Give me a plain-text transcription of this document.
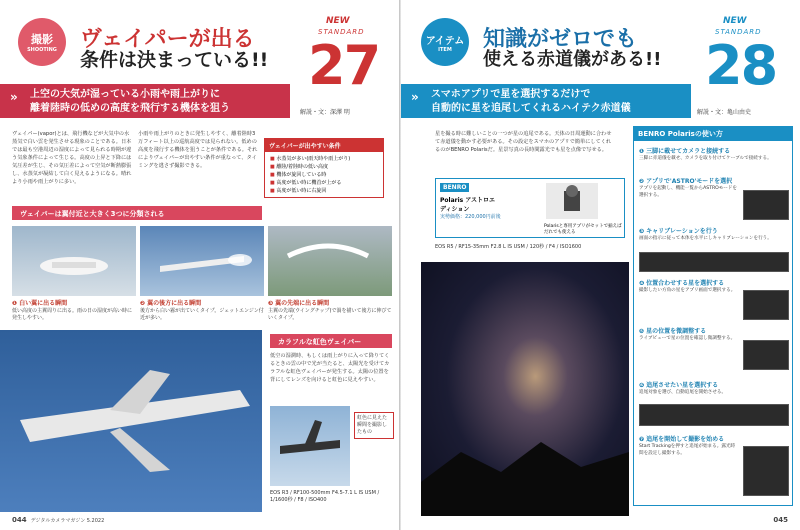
撮影
SHOOTING ヴェイパーが出る
条件は決まっている!!
NEW
STANDARD
27
解説・文：深澤 明
» 上空の大気が湿っている小雨や雨上がりに
離着陸時の低めの高度を飛行する機体を狙う
ヴェイパー(vapor)とは、飛行機などが大気中の水蒸気で白い雲を発生させる現象のことである。日本では最も空港周辺の湿度によって見られる時期が違う気象条件によって生じる。高度の上昇と下降には気圧差が生じ、その気圧差によって空気が断熱膨張し、水蒸気が凝結して白く見えるようになる。晴れより小雨や雨上がりに多い。
小雨や雨上がりのときに発生しやすく、離着陸時3万フィート以上の巡航高度では見られない。低めの高度を飛行する機体を狙うことが条件である。それによりヴェイパーが出やすい条件が重なって、タイミングを逃さず撮影できる。
ヴェイパーが出やすい条件
■ 水蒸気が多い(雨天時や雨上がり)
■ 離陸/着陸時の低い高度
■ 機体が旋回している時
■ 高度が低い時に機首が上がる
■ 高度が低い時に右旋回
ヴェイパーは翼付近と大きく3つに分類される
❶ 白い翼に出る瞬間
低い高度の主翼周りに出る。雨の日の湿度が高い時に発生しやすい。
❷ 翼の後方に出る瞬間
後方から白い霧が出ていくタイプ。ジェットエンジン付近が多い。
❸ 翼の先端に出る瞬間
主翼の先端(ウイングチップ)で渦を描いて後方に伸びていくタイプ。
カラフルな虹色ヴェイパー
低空の湿潤時、もしくは雨上がりに入って降りてくるときの雲の中で光が当たると、太陽光を受けてカラフルな虹色ヴェイパーが発生する。太陽の位置を背にしてレンズを向けると虹色に見えやすい。
虹色に見えた瞬間を撮影したもの
EOS R3 / RF100-500mm F4.5-7.1 L IS USM / 1/1600秒 / F8 / ISO400
044 デジタルカメラマガジン 5.2022
アイテム
ITEM 知識がゼロでも
使える赤道儀がある!!
NEW
STANDARD
28
解説・文：亀山由史
» スマホアプリで星を選択するだけで
自動的に星を追尾してくれるハイテク赤道儀
星を撮る時に難しいことの一つが星の追尾である。天体の日周運動に合わせて赤道儀を動かす必要がある。その設定をスマホのアプリで簡単にしてくれるのがBENRO Polarisだ。星景写真の長時間露光でも星を点像で写せる。
BENRO
Polaris アストロエディション
実勢価格：220,000円前後
Polarisと専用アプリがセットで揃えばだれでも使える
EOS R5 / RF15-35mm F2.8 L IS USM / 120秒 / F4 / ISO1600
BENRO Polarisの使い方
❶ 三脚に載せてカメラと接続する
三脚に赤道儀を載せ、カメラを取り付けてケーブルで接続する。
❷ アプリで'ASTRO'モードを選択
アプリを起動し、機能一覧からASTROモードを選択する。
❸ キャリブレーションを行う
画面の指示に従って本体を水平にしキャリブレーションを行う。
❹ 位置合わせする星を選択する
撮影したい方角の星をアプリ画面で選択する。
❺ 星の位置を微調整する
ライブビューで星の位置を確認し微調整する。
❻ 追尾させたい星を選択する
追尾対象を選び、自動追尾を開始させる。
❼ 追尾を開始して撮影を始める
Start Trackingを押すと追尾が始まる。露光時間を設定し撮影する。
045
